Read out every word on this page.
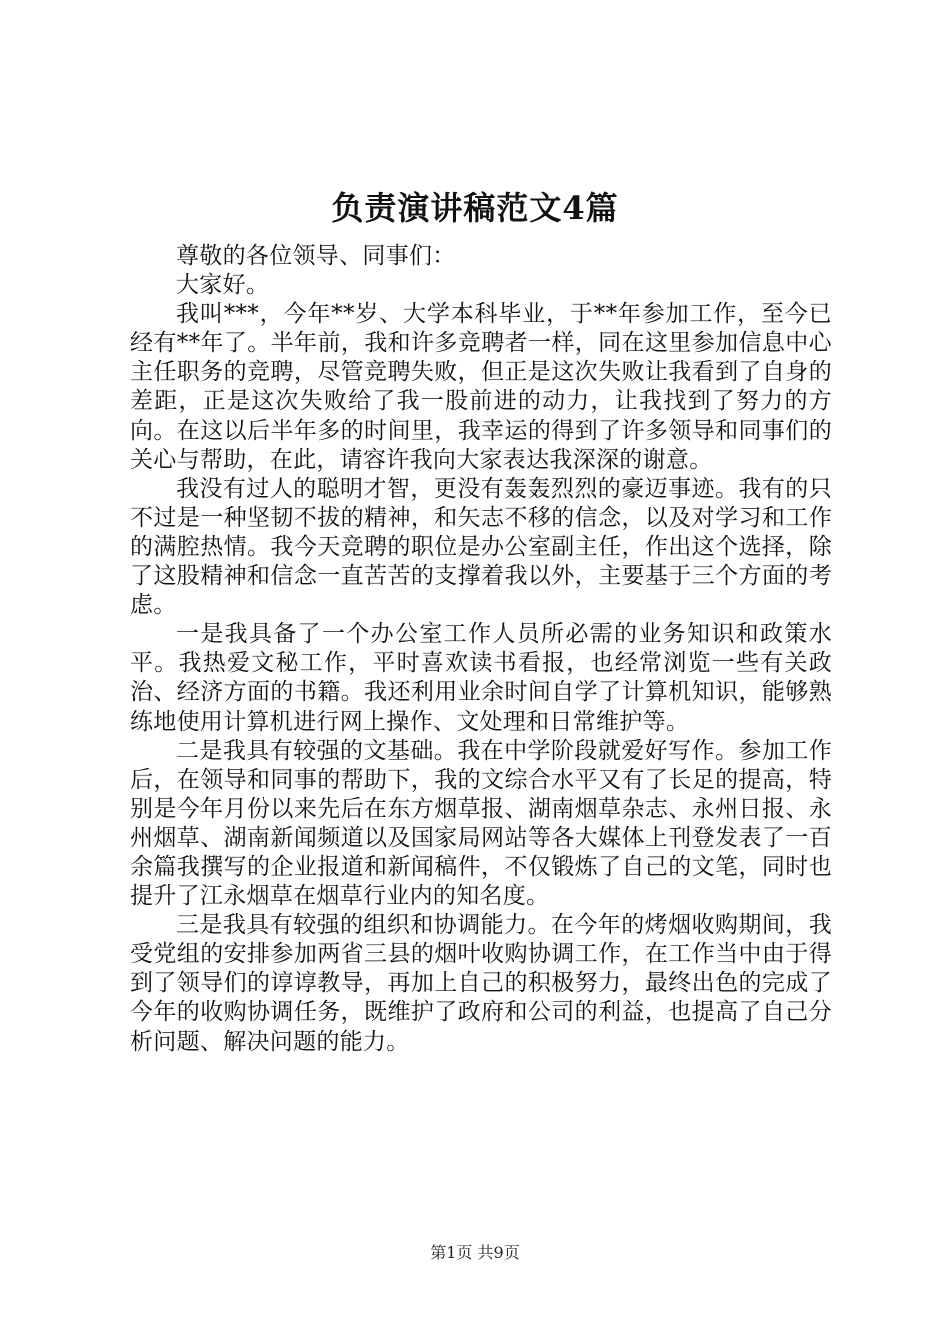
负责演讲稿范文4篇

尊敬的各位领导、同事们：

大家好。

我叫***，今年**岁、大学本科毕业，于**年参加工作，至今已经有**年了。半年前，我和许多竞聘者一样，同在这里参加信息中心主任职务的竞聘，尽管竞聘失败，但正是这次失败让我看到了自身的差距，正是这次失败给了我一股前进的动力，让我找到了努力的方向。在这以后半年多的时间里，我幸运的得到了许多领导和同事们的关心与帮助，在此，请容许我向大家表达我深深的谢意。

我没有过人的聪明才智，更没有轰轰烈烈的豪迈事迹。我有的只不过是一种坚韧不拔的精神，和矢志不移的信念，以及对学习和工作的满腔热情。我今天竞聘的职位是办公室副主任，作出这个选择，除了这股精神和信念一直苦苦的支撑着我以外，主要基于三个方面的考虑。

一是我具备了一个办公室工作人员所必需的业务知识和政策水平。我热爱文秘工作，平时喜欢读书看报，也经常浏览一些有关政治、经济方面的书籍。我还利用业余时间自学了计算机知识，能够熟练地使用计算机进行网上操作、文处理和日常维护等。

二是我具有较强的文基础。我在中学阶段就爱好写作。参加工作后，在领导和同事的帮助下，我的文综合水平又有了长足的提高，特别是今年月份以来先后在东方烟草报、湖南烟草杂志、永州日报、永州烟草、湖南新闻频道以及国家局网站等各大媒体上刊登发表了一百余篇我撰写的企业报道和新闻稿件，不仅锻炼了自己的文笔，同时也提升了江永烟草在烟草行业内的知名度。

三是我具有较强的组织和协调能力。在今年的烤烟收购期间，我受党组的安排参加两省三县的烟叶收购协调工作，在工作当中由于得到了领导们的谆谆教导，再加上自己的积极努力，最终出色的完成了今年的收购协调任务，既维护了政府和公司的利益，也提高了自己分析问题、解决问题的能力。

第1页 共9页
